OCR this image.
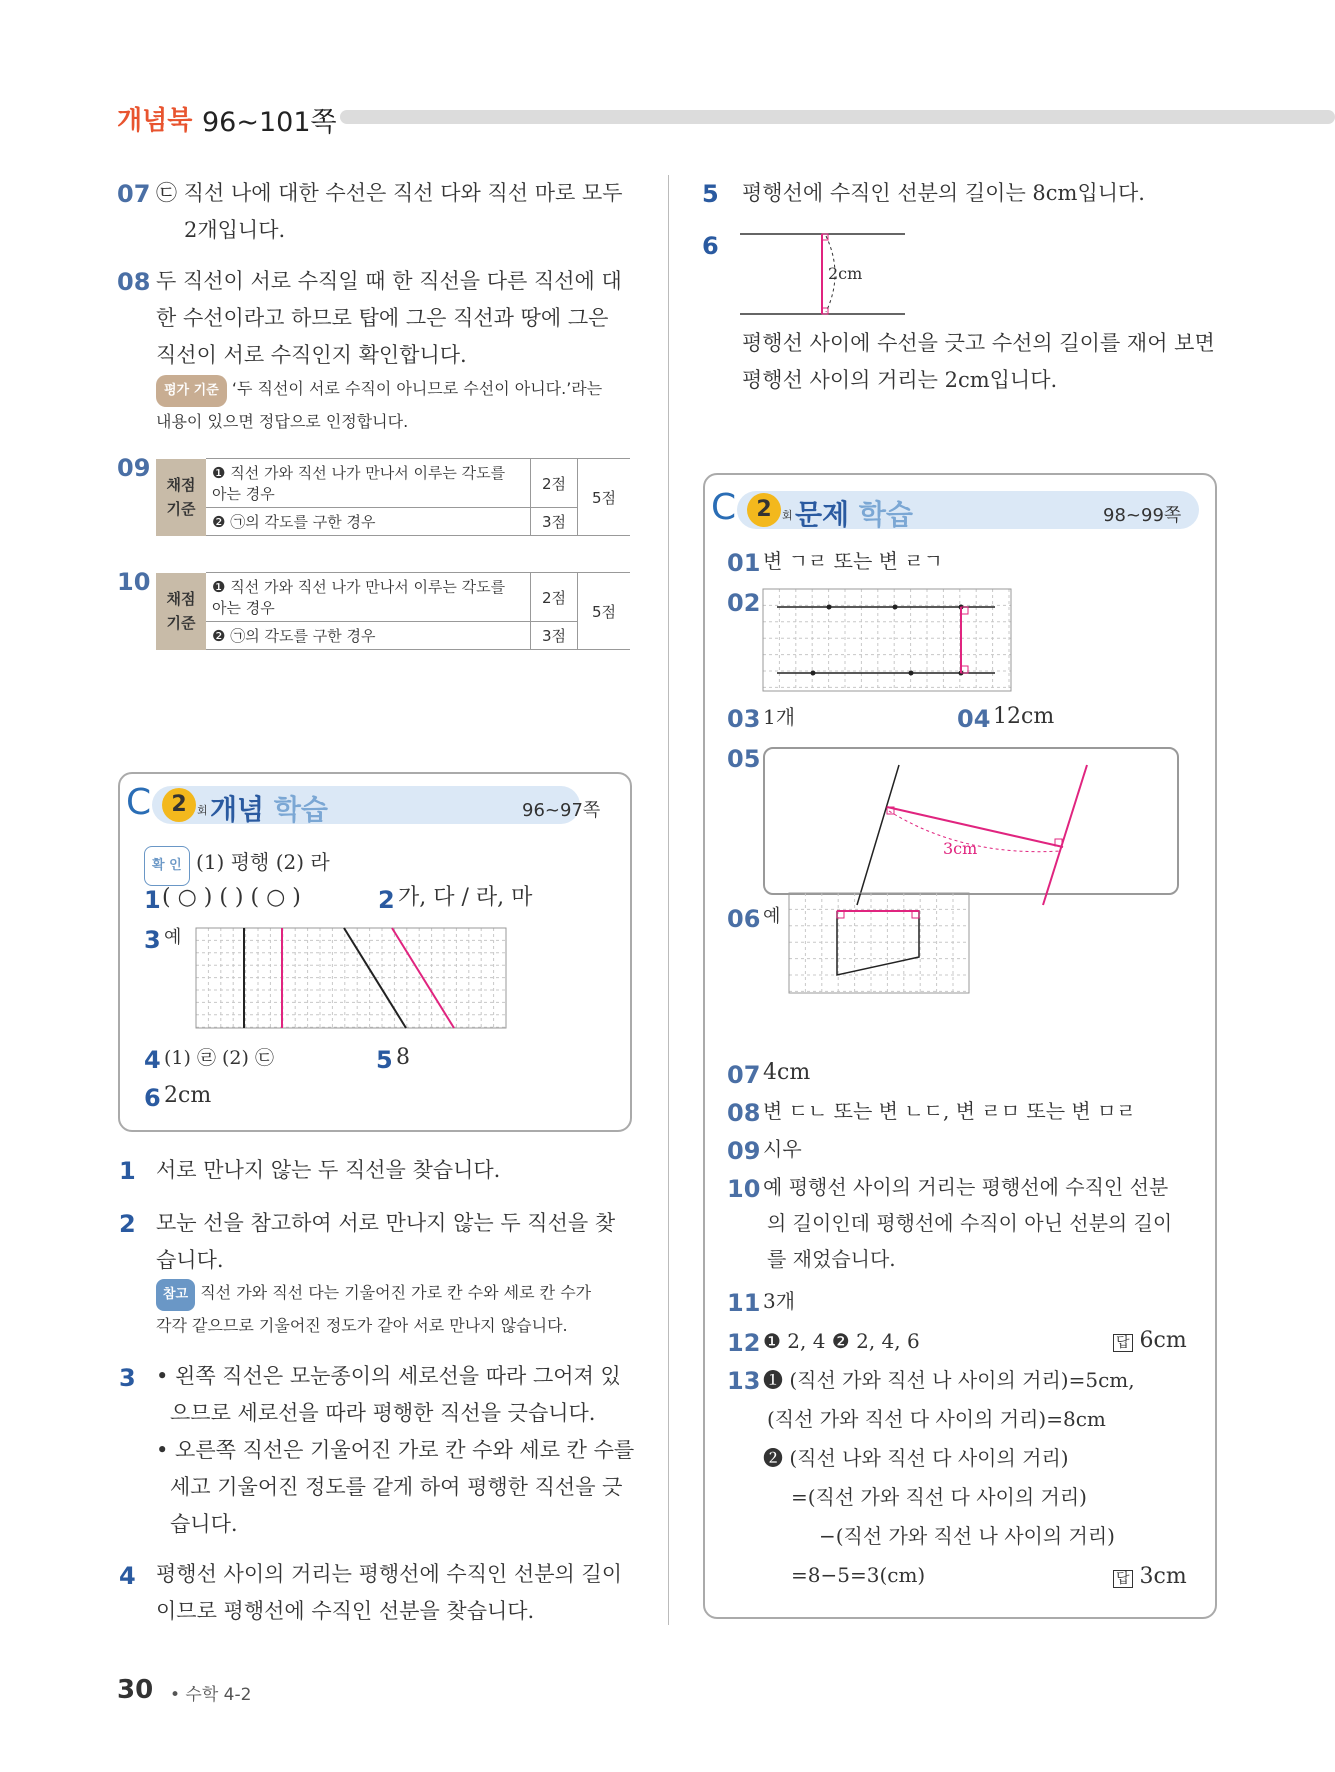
개념북 96~101쪽
07 ㉢ 직선 나에 대한 수선은 직선 다와 직선 마로 모두
2개입니다.
08 두 직선이 서로 수직일 때 한 직선을 다른 직선에 대
한 수선이라고 하므로 탑에 그은 직선과 땅에 그은
직선이 서로 수직인지 확인합니다.
평가 기준 ‘두 직선이 서로 수직이 아니므로 수선이 아니다.’라는
내용이 있으면 정답으로 인정합니다.
09
채점 기준	❶ 직선 가와 직선 나가 만나서 이루는 각도를 아는 경우	2점	5점
	❷ ㉠의 각도를 구한 경우	3점	
10
채점 기준	❶ 직선 가와 직선 나가 만나서 이루는 각도를 아는 경우	2점	5점
	❷ ㉠의 각도를 구한 경우	3점	
C 2 회 개념 학습	96~97쪽
확 인 (1) 평행 (2) 라
1 ( ○ ) ( ) ( ○ )	2 가, 다 / 라, 마
3 예
4 (1) ㉣ (2) ㉢	5 8
6 2cm
1 서로 만나지 않는 두 직선을 찾습니다.
2 모눈 선을 참고하여 서로 만나지 않는 두 직선을 찾
습니다.
참고 직선 가와 직선 다는 기울어진 가로 칸 수와 세로 칸 수가
각각 같으므로 기울어진 정도가 같아 서로 만나지 않습니다.
3 • 왼쪽 직선은 모눈종이의 세로선을 따라 그어져 있
으므로 세로선을 따라 평행한 직선을 긋습니다.
• 오른쪽 직선은 기울어진 가로 칸 수와 세로 칸 수를
세고 기울어진 정도를 같게 하여 평행한 직선을 긋
습니다.
4 평행선 사이의 거리는 평행선에 수직인 선분의 길이
이므로 평행선에 수직인 선분을 찾습니다.
5 평행선에 수직인 선분의 길이는 8cm입니다.
6
2cm
평행선 사이에 수선을 긋고 수선의 길이를 재어 보면
평행선 사이의 거리는 2cm입니다.
C 2 회 문제 학습	98~99쪽
01 변 ㄱㄹ 또는 변 ㄹㄱ
02
03 1개	04 12cm
05
3cm
06 예
07 4cm
08 변 ㄷㄴ 또는 변 ㄴㄷ, 변 ㄹㅁ 또는 변 ㅁㄹ
09 시우
10 예 평행선 사이의 거리는 평행선에 수직인 선분
의 길이인데 평행선에 수직이 아닌 선분의 길이
를 재었습니다.
11 3개
12 ❶ 2, 4 ❷ 2, 4, 6	답 6cm
13 ❶ (직선 가와 직선 나 사이의 거리)=5cm,
(직선 가와 직선 다 사이의 거리)=8cm
❷ (직선 나와 직선 다 사이의 거리)
=(직선 가와 직선 다 사이의 거리)
−(직선 가와 직선 나 사이의 거리)
=8−5=3(cm)	답 3cm
30 • 수학 4-2
